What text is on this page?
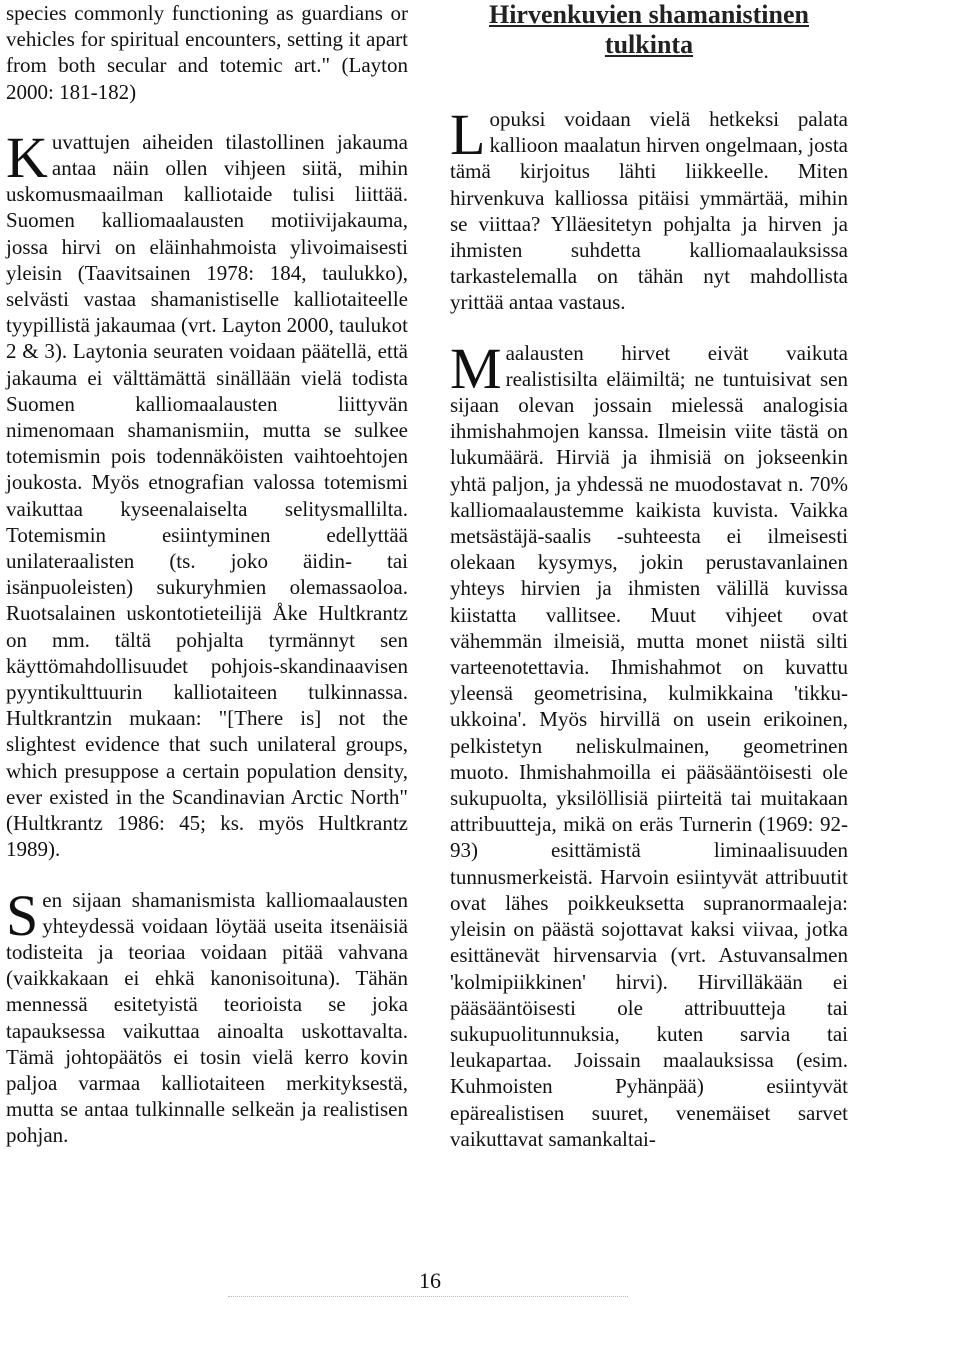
species commonly functioning as guardians or vehicles for spiritual encounters, setting it apart from both secular and totemic art." (Layton 2000: 181-182)

Kuvattujen aiheiden tilastollinen jakauma antaa näin ollen vihjeen siitä, mihin uskomusmaailman kalliotaide tulisi liittää. Suomen kalliomaalausten motiivijakauma, jossa hirvi on eläinhahmoista ylivoimaisesti yleisin (Taavitsainen 1978: 184, taulukko), selvästi vastaa shamanistiselle kalliotaiteelle tyypillistä jakaumaa (vrt. Layton 2000, taulukot 2 & 3). Laytonia seuraten voidaan päätellä, että jakauma ei välttämättä sinällään vielä todista Suomen kalliomaalausten liittyvän nimenomaan shamanismiin, mutta se sulkee totemismin pois todennäköisten vaihtoehtojen joukosta. Myös etnografian valossa totemismi vaikuttaa kyseenalaiselta selitysmallilta. Totemismin esiintyminen edellyttää unilateraalisten (ts. joko äidin- tai isänpuoleisten) sukuryhmien olemassaoloa. Ruotsalainen uskontotieteilijä Åke Hultkrantz on mm. tältä pohjalta tyrmännyt sen käyttömahdollisuudet pohjois-skandinaavisen pyyntikulttuurin kalliotaiteen tulkinnassa. Hultkrantzin mukaan: "[There is] not the slightest evidence that such unilateral groups, which presuppose a certain population density, ever existed in the Scandinavian Arctic North" (Hultkrantz 1986: 45; ks. myös Hultkrantz 1989).

Sen sijaan shamanismista kalliomaalausten yhteydessä voidaan löytää useita itsenäisiä todisteita ja teoriaa voidaan pitää vahvana (vaikkakaan ei ehkä kanonisoituna). Tähän mennessä esitetyistä teorioista se joka tapauksessa vaikuttaa ainoalta uskottavalta. Tämä johtopäätös ei tosin vielä kerro kovin paljoa varmaa kalliotaiteen merkityksestä, mutta se antaa tulkinnalle selkeän ja realistisen pohjan.

Hirvenkuvien shamanistinen tulkinta

Lopuksi voidaan vielä hetkeksi palata kallioon maalatun hirven ongelmaan, josta tämä kirjoitus lähti liikkeelle. Miten hirvenkuva kalliossa pitäisi ymmärtää, mihin se viittaa? Ylläesitetyn pohjalta ja hirven ja ihmisten suhdetta kalliomaalauksissa tarkastelemalla on tähän nyt mahdollista yrittää antaa vastaus.

Maalausten hirvet eivät vaikuta realistisilta eläimiltä; ne tuntuisivat sen sijaan olevan jossain mielessä analogisia ihmishahmojen kanssa. Ilmeisin viite tästä on lukumäärä. Hirviä ja ihmisiä on jokseenkin yhtä paljon, ja yhdessä ne muodostavat n. 70% kalliomaalaustemme kaikista kuvista. Vaikka metsästäjä-saalis -suhteesta ei ilmeisesti olekaan kysymys, jokin perustavanlainen yhteys hirvien ja ihmisten välillä kuvissa kiistatta vallitsee. Muut vihjeet ovat vähemmän ilmeisiä, mutta monet niistä silti varteenotettavia. Ihmishahmot on kuvattu yleensä geometrisina, kulmikkaina 'tikku-ukkoina'. Myös hirvillä on usein erikoinen, pelkistetyn neliskulmainen, geometrinen muoto. Ihmishahmoilla ei pääsääntöisesti ole sukupuolta, yksilöllisiä piirteitä tai muitakaan attribuutteja, mikä on eräs Turnerin (1969: 92-93) esittämistä liminaalisuuden tunnusmerkeistä. Harvoin esiintyvät attribuutit ovat lähes poikkeuksetta supranormaaleja: yleisin on päästä sojottavat kaksi viivaa, jotka esittänevät hirvensarvia (vrt. Astuvansalmen 'kolmipiikkinen' hirvi). Hirvilläkään ei pääsääntöisesti ole attribuutteja tai sukupuolitunnuksia, kuten sarvia tai leukapartaa. Joissain maalauksissa (esim. Kuhmoisten Pyhänpää) esiintyvät epärealistisen suuret, venemäiset sarvet vaikuttavat samankaltai-

16
